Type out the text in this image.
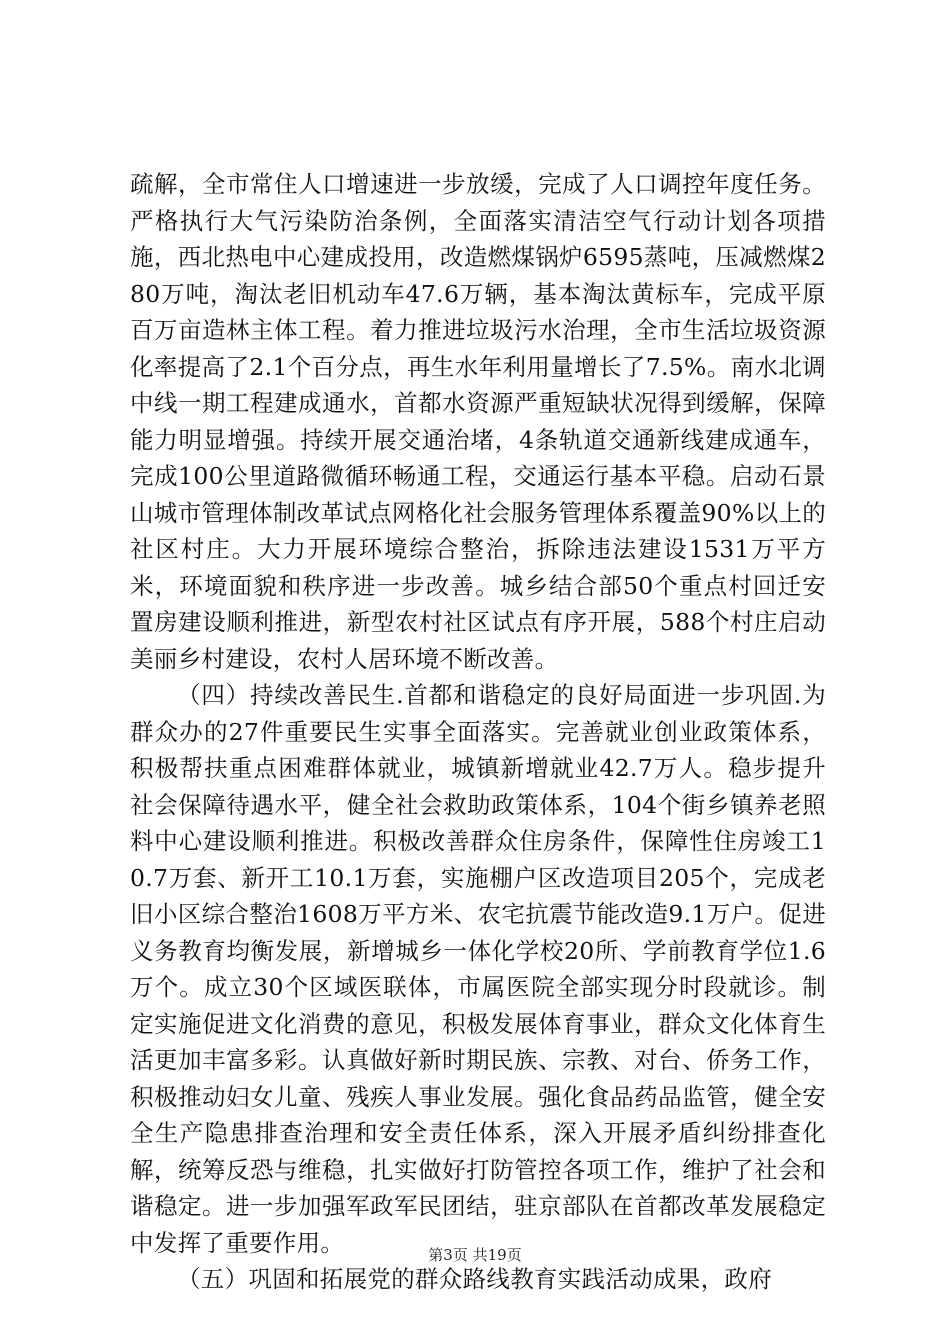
疏解，全市常住人口增速进一步放缓，完成了人口调控年度任务。严格执行大气污染防治条例，全面落实清洁空气行动计划各项措施，西北热电中心建成投用，改造燃煤锅炉6595蒸吨，压减燃煤280万吨，淘汰老旧机动车47.6万辆，基本淘汰黄标车，完成平原百万亩造林主体工程。着力推进垃圾污水治理，全市生活垃圾资源化率提高了2.1个百分点，再生水年利用量增长了7.5%。南水北调中线一期工程建成通水，首都水资源严重短缺状况得到缓解，保障能力明显增强。持续开展交通治堵，4条轨道交通新线建成通车，完成100公里道路微循环畅通工程，交通运行基本平稳。启动石景山城市管理体制改革试点网格化社会服务管理体系覆盖90%以上的社区村庄。大力开展环境综合整治，拆除违法建设1531万平方米，环境面貌和秩序进一步改善。城乡结合部50个重点村回迁安置房建设顺利推进，新型农村社区试点有序开展，588个村庄启动美丽乡村建设，农村人居环境不断改善。

（四）持续改善民生.首都和谐稳定的良好局面进一步巩固.为群众办的27件重要民生实事全面落实。完善就业创业政策体系，积极帮扶重点困难群体就业，城镇新增就业42.7万人。稳步提升社会保障待遇水平，健全社会救助政策体系，104个街乡镇养老照料中心建设顺利推进。积极改善群众住房条件，保障性住房竣工10.7万套、新开工10.1万套，实施棚户区改造项目205个，完成老旧小区综合整治1608万平方米、农宅抗震节能改造9.1万户。促进义务教育均衡发展，新增城乡一体化学校20所、学前教育学位1.6万个。成立30个区域医联体，市属医院全部实现分时段就诊。制定实施促进文化消费的意见，积极发展体育事业，群众文化体育生活更加丰富多彩。认真做好新时期民族、宗教、对台、侨务工作，积极推动妇女儿童、残疾人事业发展。强化食品药品监管，健全安全生产隐患排查治理和安全责任体系，深入开展矛盾纠纷排查化解，统筹反恐与维稳，扎实做好打防管控各项工作，维护了社会和谐稳定。进一步加强军政军民团结，驻京部队在首都改革发展稳定中发挥了重要作用。

（五）巩固和拓展党的群众路线教育实践活动成果，政府

第3页 共19页
